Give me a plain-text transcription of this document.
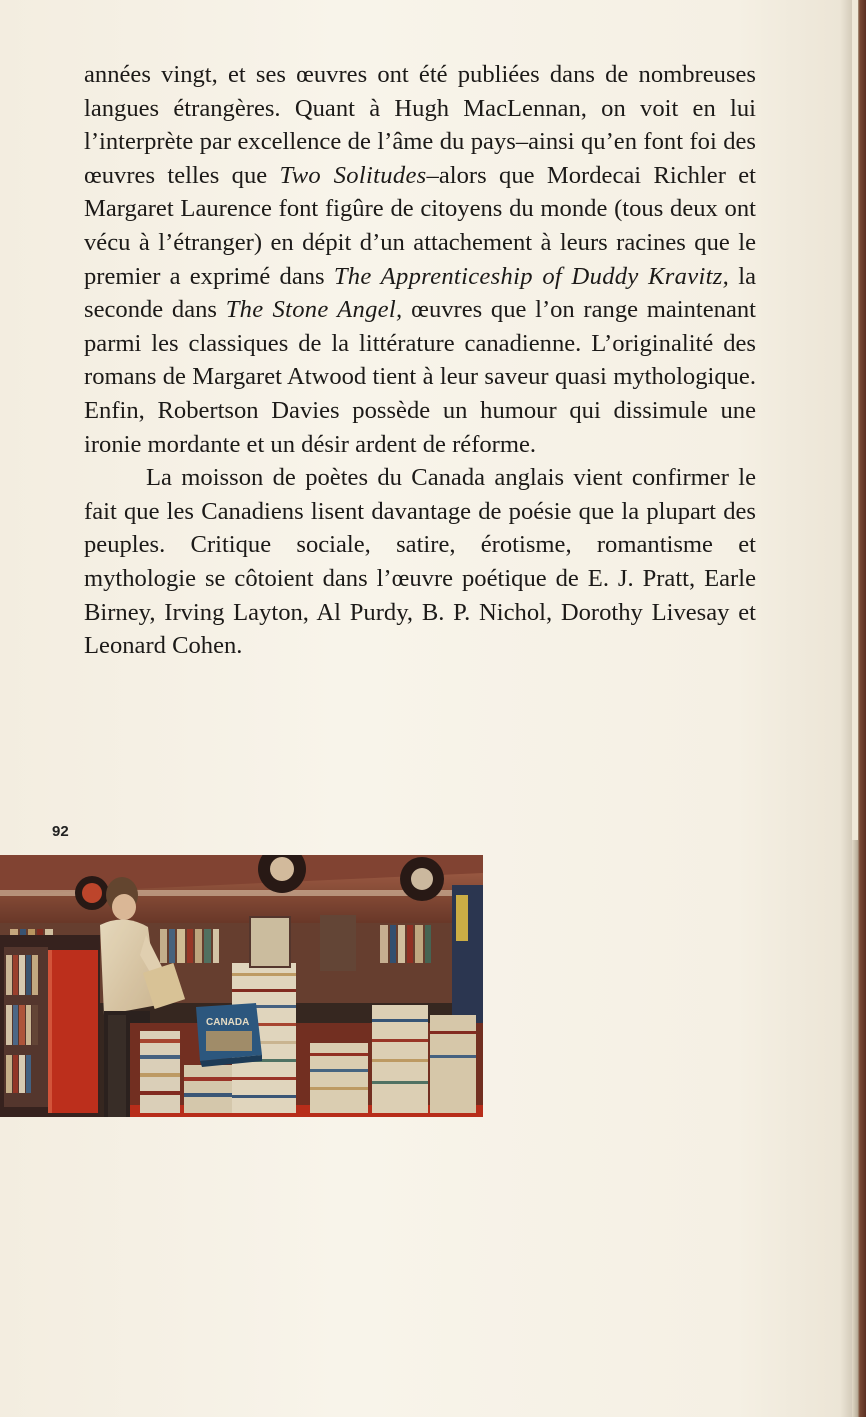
années vingt, et ses œuvres ont été publiées dans de nombreuses langues étrangères. Quant à Hugh MacLennan, on voit en lui l’interprète par excellence de l’âme du pays–ainsi qu’en font foi des œuvres telles que Two Solitudes–alors que Mordecai Richler et Margaret Laurence font figûre de citoyens du monde (tous deux ont vécu à l’étranger) en dépit d’un attachement à leurs racines que le premier a exprimé dans The Apprenticeship of Duddy Kravitz, la seconde dans The Stone Angel, œuvres que l’on range maintenant parmi les classiques de la littérature canadienne. L’originalité des romans de Margaret Atwood tient à leur saveur quasi mythologique. Enfin, Robertson Davies possède un humour qui dissimule une ironie mordante et un désir ardent de réforme.

La moisson de poètes du Canada anglais vient confirmer le fait que les Canadiens lisent davantage de poésie que la plupart des peuples. Critique sociale, satire, érotisme, romantisme et mythologie se côtoient dans l’œuvre poétique de E. J. Pratt, Earle Birney, Irving Layton, Al Purdy, B. P. Nichol, Dorothy Livesay et Leonard Cohen.

92
CANADA
